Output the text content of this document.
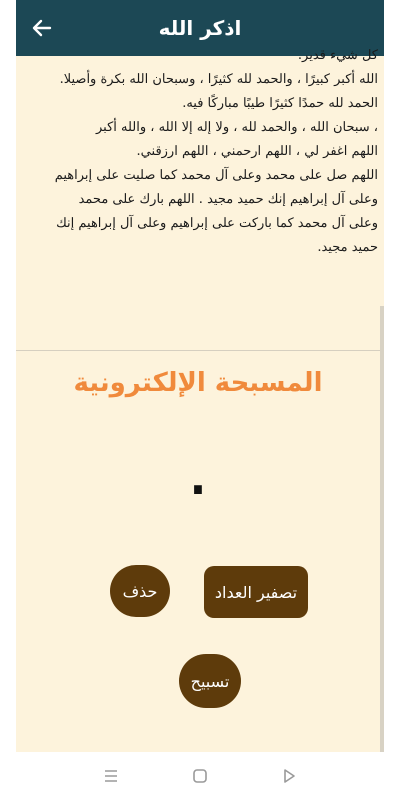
اذكر الله

كل شيء قدير.

الله أكبر كبيرًا ، والحمد لله كثيرًا ، وسبحان الله بكرة وأصيلا.

الحمد لله حمدًا كثيرًا طيبًا مباركًا فيه.

، سبحان الله ، والحمد لله ، ولا إله إلا الله ، والله أكبر

اللهم اغفر لي ، اللهم ارحمني ، اللهم ارزقني.

اللهم صل على محمد وعلى آل محمد كما صليت على إبراهيم

وعلى آل إبراهيم إنك حميد مجيد . اللهم بارك على محمد

وعلى آل محمد كما باركت على إبراهيم وعلى آل إبراهيم إنك

حميد مجيد.

المسبحة الإلكترونية
٠
تصفير العداد
حذف
تسبيح
